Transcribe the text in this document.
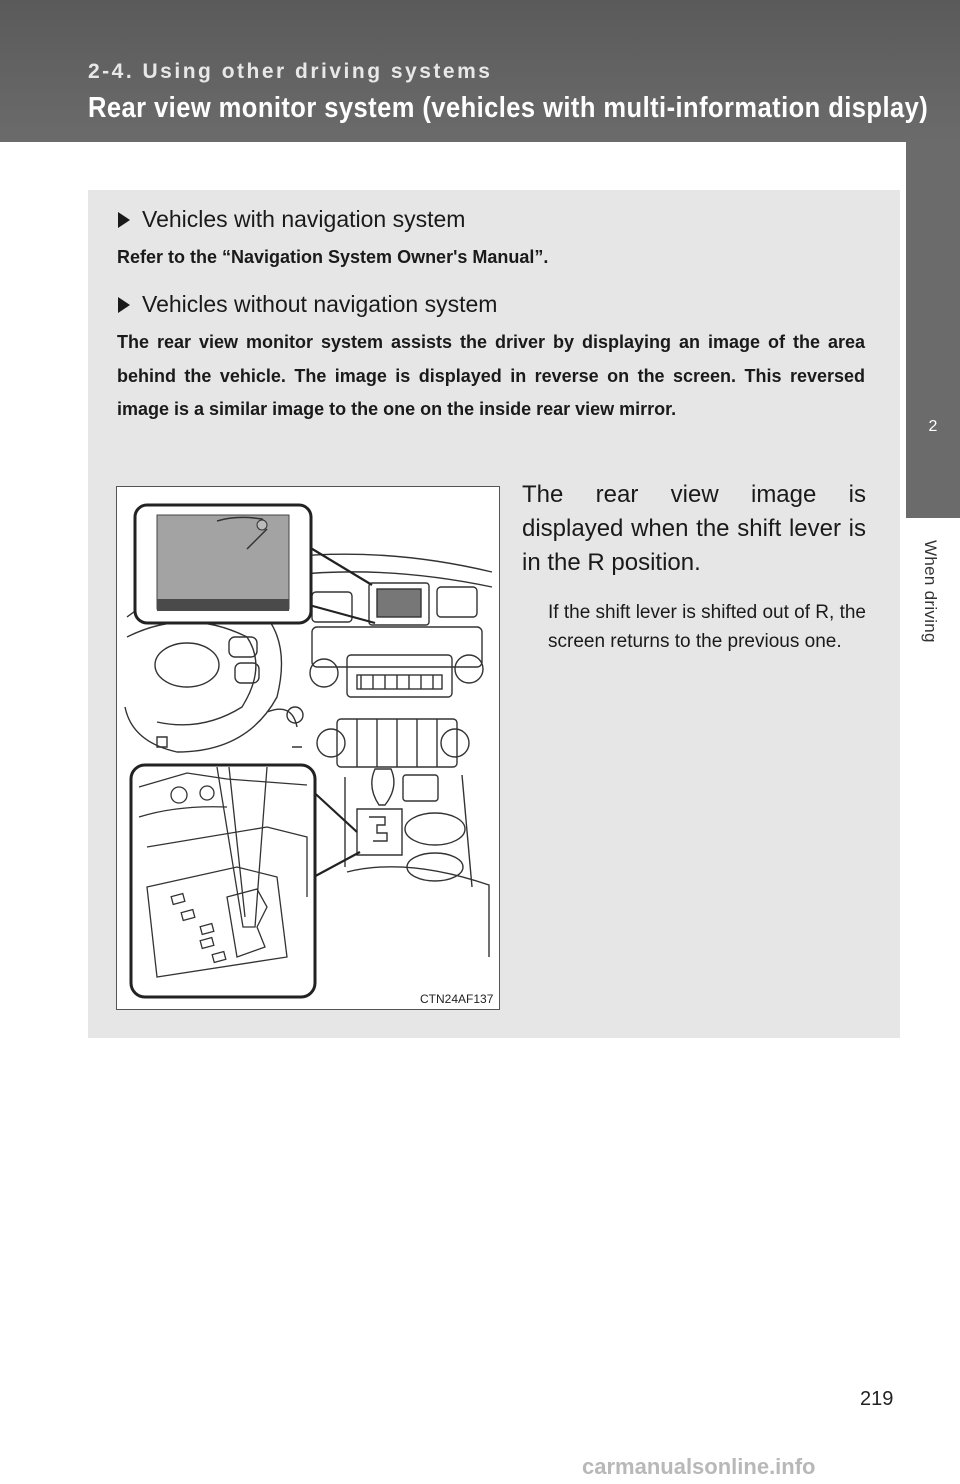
2-4. Using other driving systems
Rear view monitor system (vehicles with multi-information display)
2
When driving
Vehicles with navigation system
Refer to the “Navigation System Owner's Manual”.
Vehicles without navigation system
The rear view monitor system assists the driver by displaying an image of the area behind the vehicle. The image is displayed in reverse on the screen. This reversed image is a similar image to the one on the inside rear view mirror.
Check surroundings for safety
CTN24AF137
The rear view image is displayed when the shift lever is in the R position.
If the shift lever is shifted out of R, the screen returns to the previous one.
219
carmanualsonline.info
